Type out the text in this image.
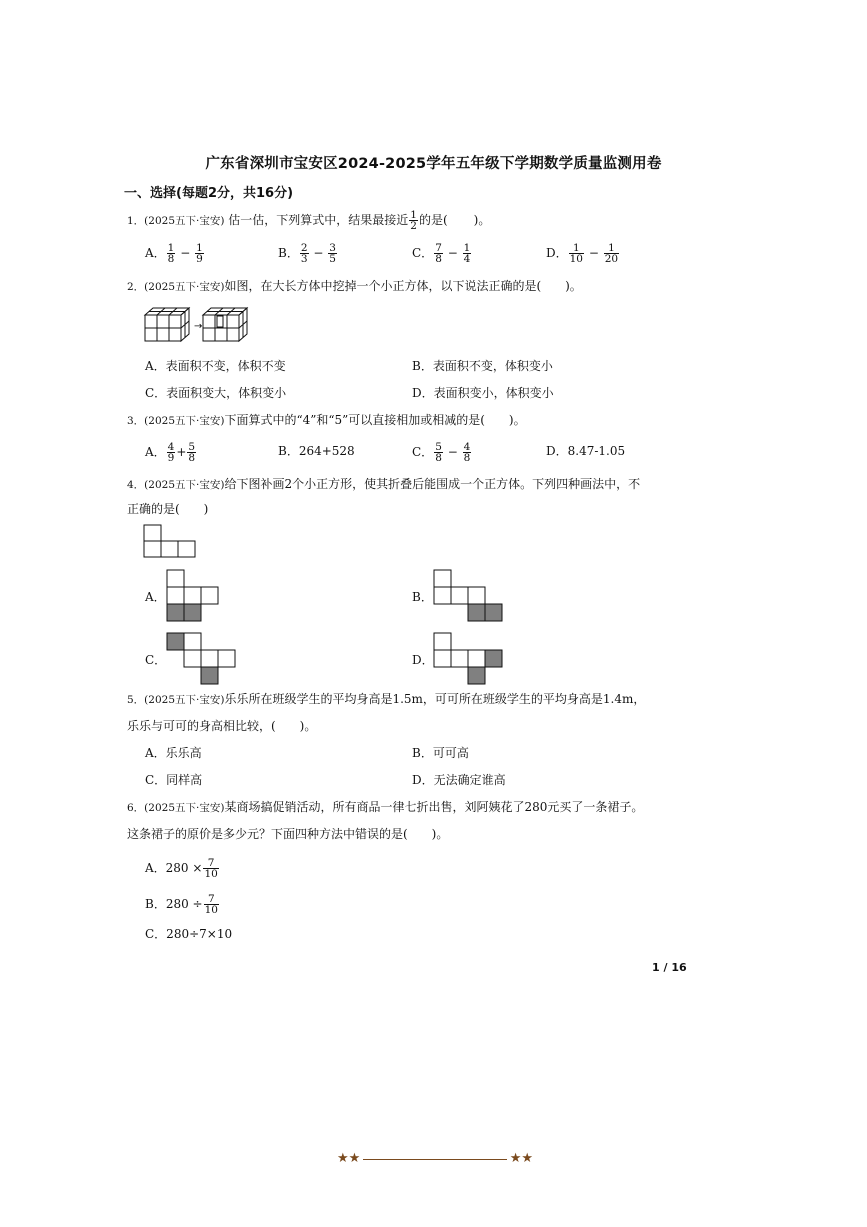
广东省深圳市宝安区2024-2025学年五年级下学期数学质量监测用卷
一、选择(每题2分，共16分)
1．(2025五下·宝安) 估一估，下列算式中，结果最接近 $\frac{1}{2}$ 的是( )。
A． $\frac{1}{8} - \frac{1}{9}$	B． $\frac{2}{3} - \frac{3}{5}$	C． $\frac{7}{8} - \frac{1}{4}$	D． $\frac{1}{10} - \frac{1}{20}$
2．(2025五下·宝安)如图，在大长方体中挖掉一个小正方体，以下说法正确的是(　　)。
→
A．表面积不变，体积不变	B．表面积不变，体积变小
C．表面积变大，体积变小	D．表面积变小，体积变小
3．(2025五下·宝安)下面算式中的“4”和“5”可以直接相加或相减的是(　　)。
A． $\frac{4}{9} + \frac{5}{8}$	B．264+528	C． $\frac{5}{8} - \frac{4}{8}$	D．8.47-1.05
4．(2025五下·宝安)给下图补画2个小正方形，使其折叠后能围成一个正方体。下列四种画法中，不
正确的是(　　)
A．	B．
C．	D．
5．(2025五下·宝安)乐乐所在班级学生的平均身高是1.5m，可可所在班级学生的平均身高是1.4m，
乐乐与可可的身高相比较，(　　)。
A．乐乐高	B．可可高
C．同样高	D．无法确定谁高
6．(2025五下·宝安)某商场搞促销活动，所有商品一律七折出售，刘阿姨花了280元买了一条裙子。
这条裙子的原价是多少元？下面四种方法中错误的是(　　)。
A．$280 \times \frac{7}{10}$
B．$280 \div \frac{7}{10}$
C．280÷7×10
1 / 16
★★	★★
